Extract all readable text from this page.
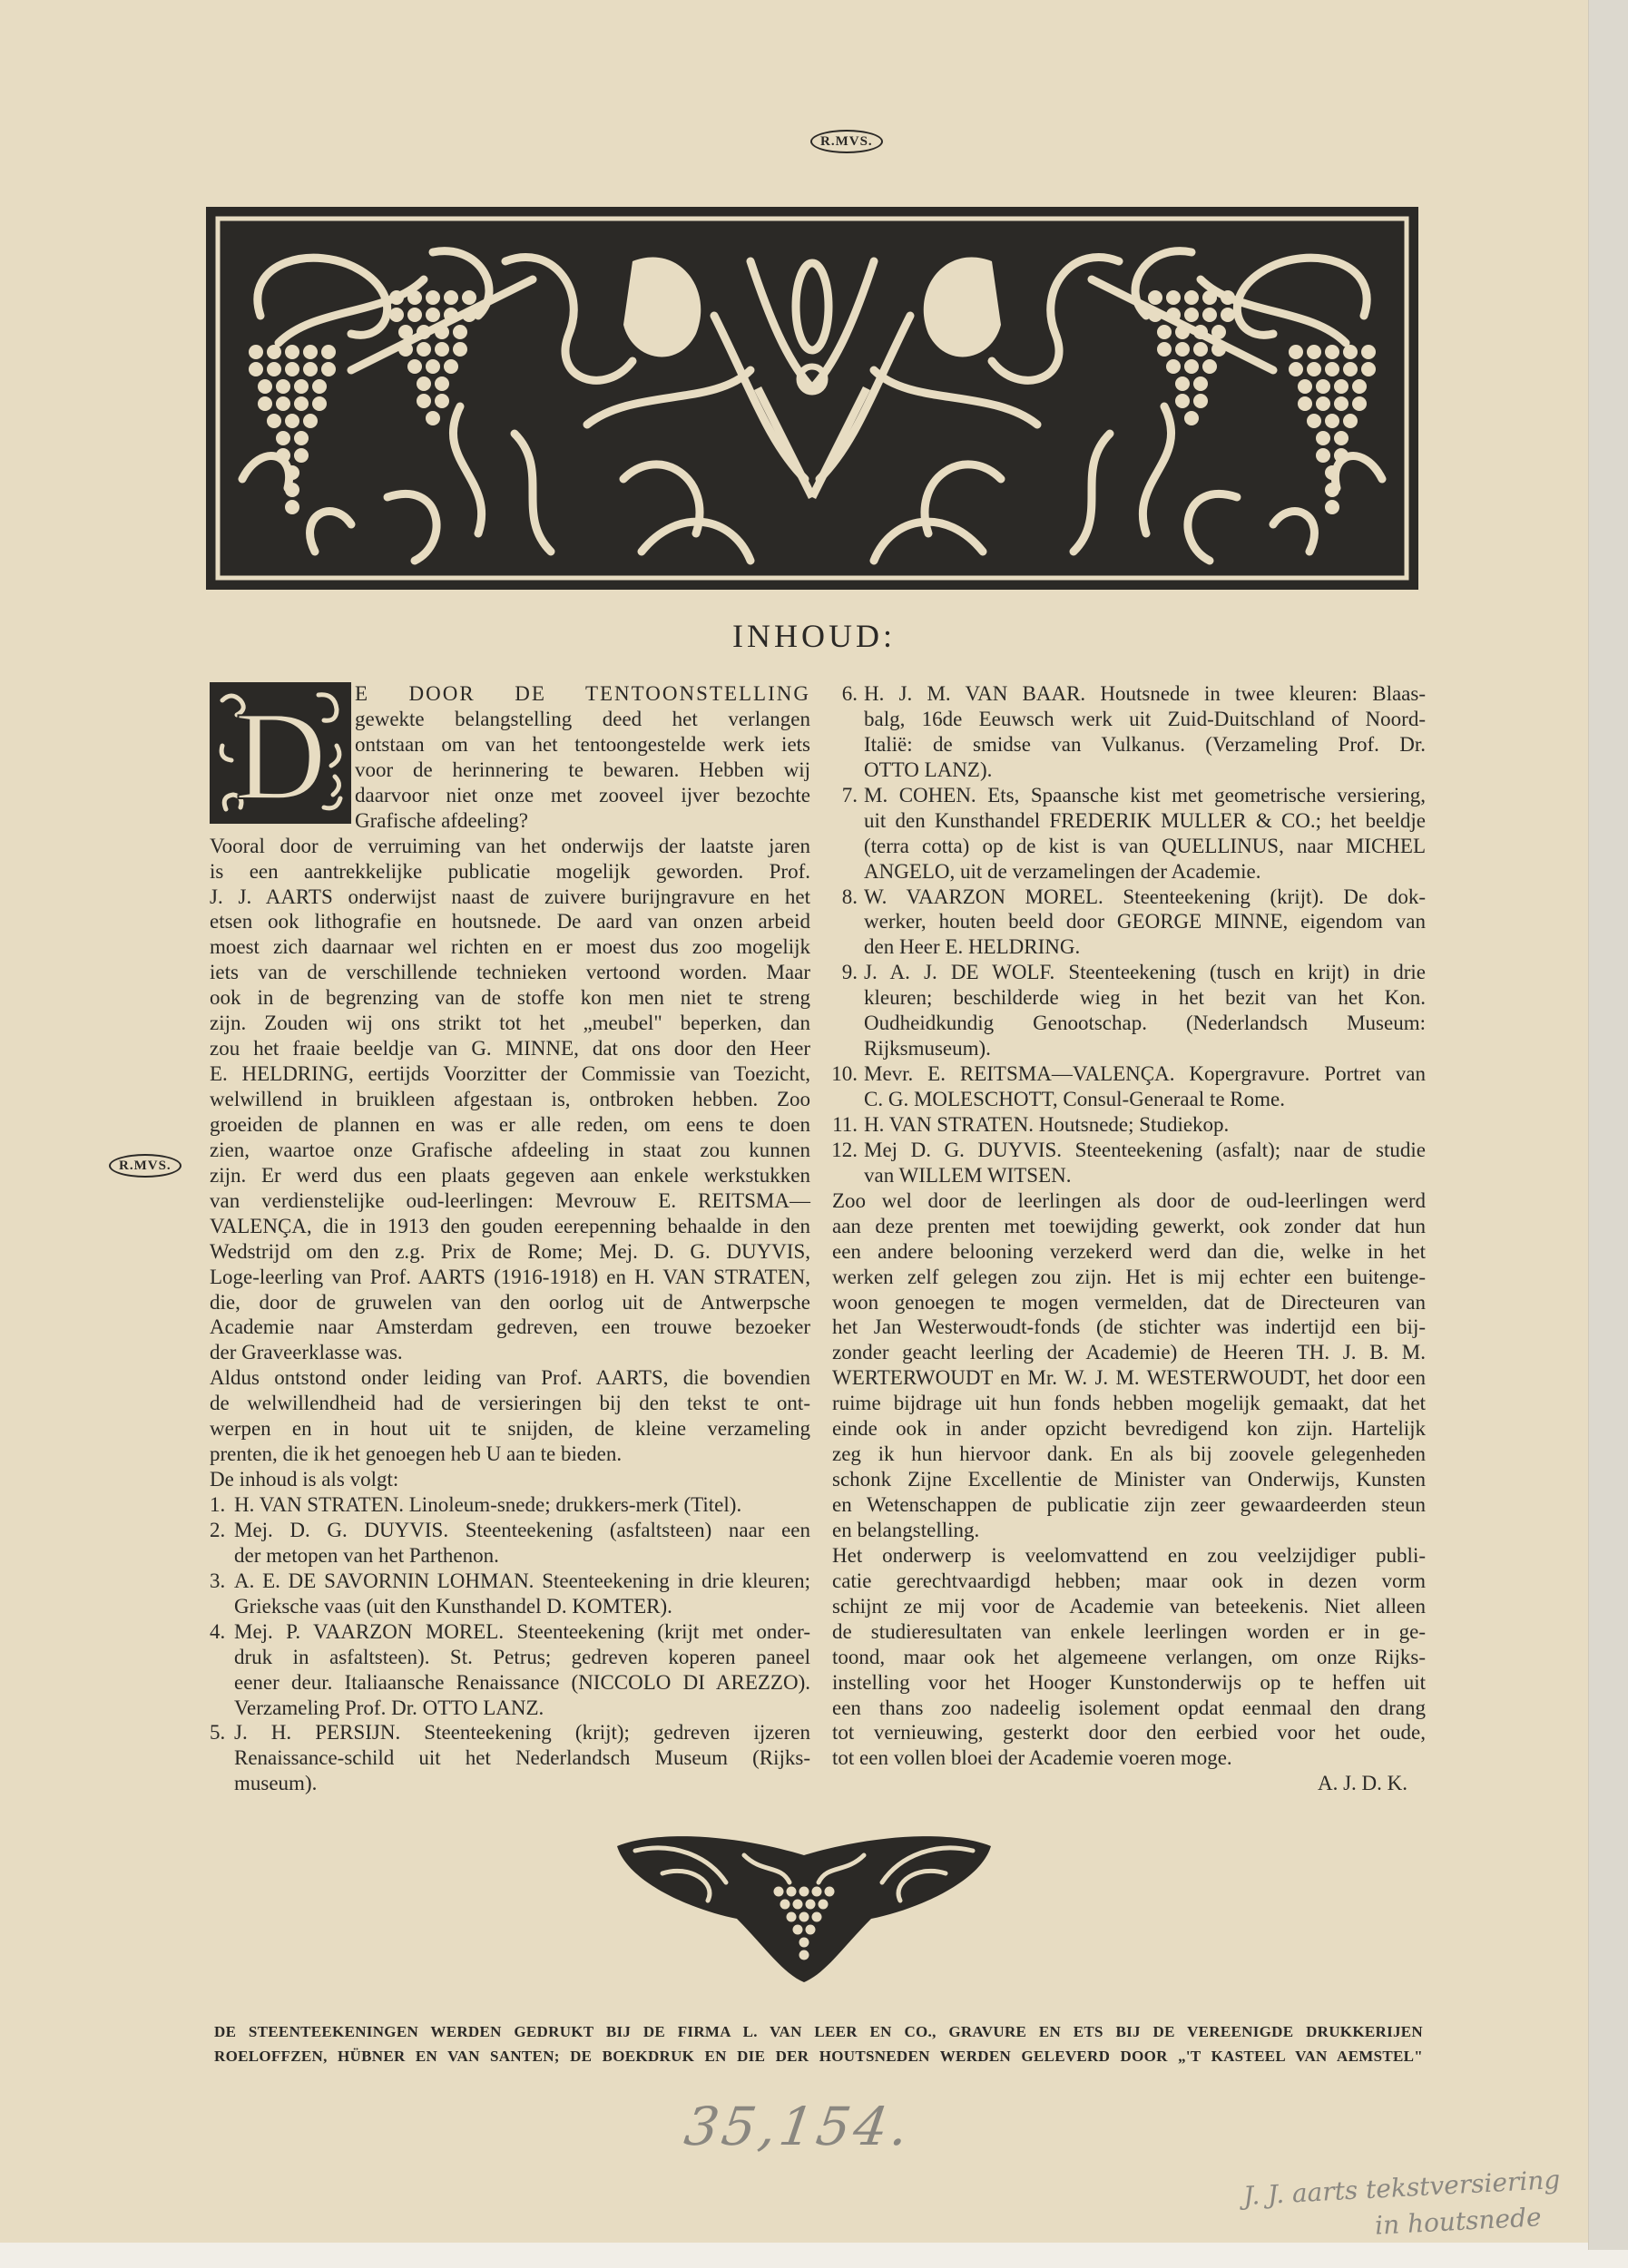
R.MVS.
INHOUD:
D E DOOR DE TENTOONSTELLING
gewekte belangstelling deed het verlangen
ontstaan om van het tentoongestelde werk iets
voor de herinnering te bewaren. Hebben wij
daarvoor niet onze met zooveel ijver bezochte
Grafische afdeeling?
Vooral door de verruiming van het onderwijs der laatste jaren
is een aantrekkelijke publicatie mogelijk geworden. Prof.
J. J. AARTS onderwijst naast de zuivere burijngravure en het
etsen ook lithografie en houtsnede. De aard van onzen arbeid
moest zich daarnaar wel richten en er moest dus zoo mogelijk
iets van de verschillende technieken vertoond worden. Maar
ook in de begrenzing van de stoffe kon men niet te streng
zijn. Zouden wij ons strikt tot het „meubel" beperken, dan
zou het fraaie beeldje van G. MINNE, dat ons door den Heer
E. HELDRING, eertijds Voorzitter der Commissie van Toezicht,
welwillend in bruikleen afgestaan is, ontbroken hebben. Zoo
groeiden de plannen en was er alle reden, om eens te doen
zien, waartoe onze Grafische afdeeling in staat zou kunnen
zijn. Er werd dus een plaats gegeven aan enkele werkstukken
van verdienstelijke oud-leerlingen: Mevrouw E. REITSMA—
VALENÇA, die in 1913 den gouden eerepenning behaalde in den
Wedstrijd om den z.g. Prix de Rome; Mej. D. G. DUYVIS,
Loge-leerling van Prof. AARTS (1916-1918) en H. VAN STRATEN,
die, door de gruwelen van den oorlog uit de Antwerpsche
Academie naar Amsterdam gedreven, een trouwe bezoeker
der Graveerklasse was.
Aldus ontstond onder leiding van Prof. AARTS, die bovendien
de welwillendheid had de versieringen bij den tekst te ont-
werpen en in hout uit te snijden, de kleine verzameling
prenten, die ik het genoegen heb U aan te bieden.
De inhoud is als volgt:
1. H. VAN STRATEN. Linoleum-snede; drukkers-merk (Titel).
2. Mej. D. G. DUYVIS. Steenteekening (asfaltsteen) naar een
der metopen van het Parthenon.
3. A. E. DE SAVORNIN LOHMAN. Steenteekening in drie kleuren;
Grieksche vaas (uit den Kunsthandel D. KOMTER).
4. Mej. P. VAARZON MOREL. Steenteekening (krijt met onder-
druk in asfaltsteen). St. Petrus; gedreven koperen paneel
eener deur. Italiaansche Renaissance (NICCOLO DI AREZZO).
Verzameling Prof. Dr. OTTO LANZ.
5. J. H. PERSIJN. Steenteekening (krijt); gedreven ijzeren
Renaissance-schild uit het Nederlandsch Museum (Rijks-
museum).
6. H. J. M. VAN BAAR. Houtsnede in twee kleuren: Blaas-
balg, 16de Eeuwsch werk uit Zuid-Duitschland of Noord-
Italië: de smidse van Vulkanus. (Verzameling Prof. Dr.
OTTO LANZ).
7. M. COHEN. Ets, Spaansche kist met geometrische versiering,
uit den Kunsthandel FREDERIK MULLER & CO.; het beeldje
(terra cotta) op de kist is van QUELLINUS, naar MICHEL
ANGELO, uit de verzamelingen der Academie.
8. W. VAARZON MOREL. Steenteekening (krijt). De dok-
werker, houten beeld door GEORGE MINNE, eigendom van
den Heer E. HELDRING.
9. J. A. J. DE WOLF. Steenteekening (tusch en krijt) in drie
kleuren; beschilderde wieg in het bezit van het Kon.
Oudheidkundig Genootschap. (Nederlandsch Museum:
Rijksmuseum).
10. Mevr. E. REITSMA—VALENÇA. Kopergravure. Portret van
C. G. MOLESCHOTT, Consul-Generaal te Rome.
11. H. VAN STRATEN. Houtsnede; Studiekop.
12. Mej D. G. DUYVIS. Steenteekening (asfalt); naar de studie
van WILLEM WITSEN.
Zoo wel door de leerlingen als door de oud-leerlingen werd
aan deze prenten met toewijding gewerkt, ook zonder dat hun
een andere belooning verzekerd werd dan die, welke in het
werken zelf gelegen zou zijn. Het is mij echter een buitenge-
woon genoegen te mogen vermelden, dat de Directeuren van
het Jan Westerwoudt-fonds (de stichter was indertijd een bij-
zonder geacht leerling der Academie) de Heeren TH. J. B. M.
WERTERWOUDT en Mr. W. J. M. WESTERWOUDT, het door een
ruime bijdrage uit hun fonds hebben mogelijk gemaakt, dat het
einde ook in ander opzicht bevredigend kon zijn. Hartelijk
zeg ik hun hiervoor dank. En als bij zoovele gelegenheden
schonk Zijne Excellentie de Minister van Onderwijs, Kunsten
en Wetenschappen de publicatie zijn zeer gewaardeerden steun
en belangstelling.
Het onderwerp is veelomvattend en zou veelzijdiger publi-
catie gerechtvaardigd hebben; maar ook in dezen vorm
schijnt ze mij voor de Academie van beteekenis. Niet alleen
de studieresultaten van enkele leerlingen worden er in ge-
toond, maar ook het algemeene verlangen, om onze Rijks-
instelling voor het Hooger Kunstonderwijs op te heffen uit
een thans zoo nadeelig isolement opdat eenmaal den drang
tot vernieuwing, gesterkt door den eerbied voor het oude,
tot een vollen bloei der Academie voeren moge.
A. J. D. K.
R.MVS.
DE STEENTEEKENINGEN WERDEN GEDRUKT BIJ DE FIRMA L. VAN LEER EN CO., GRAVURE EN ETS BIJ DE VEREENIGDE DRUKKERIJEN
ROELOFFZEN, HÜBNER EN VAN SANTEN; DE BOEKDRUK EN DIE DER HOUTSNEDEN WERDEN GELEVERD DOOR „'T KASTEEL VAN AEMSTEL"
35,154.
J. J. aarts tekstversiering
in houtsnede
